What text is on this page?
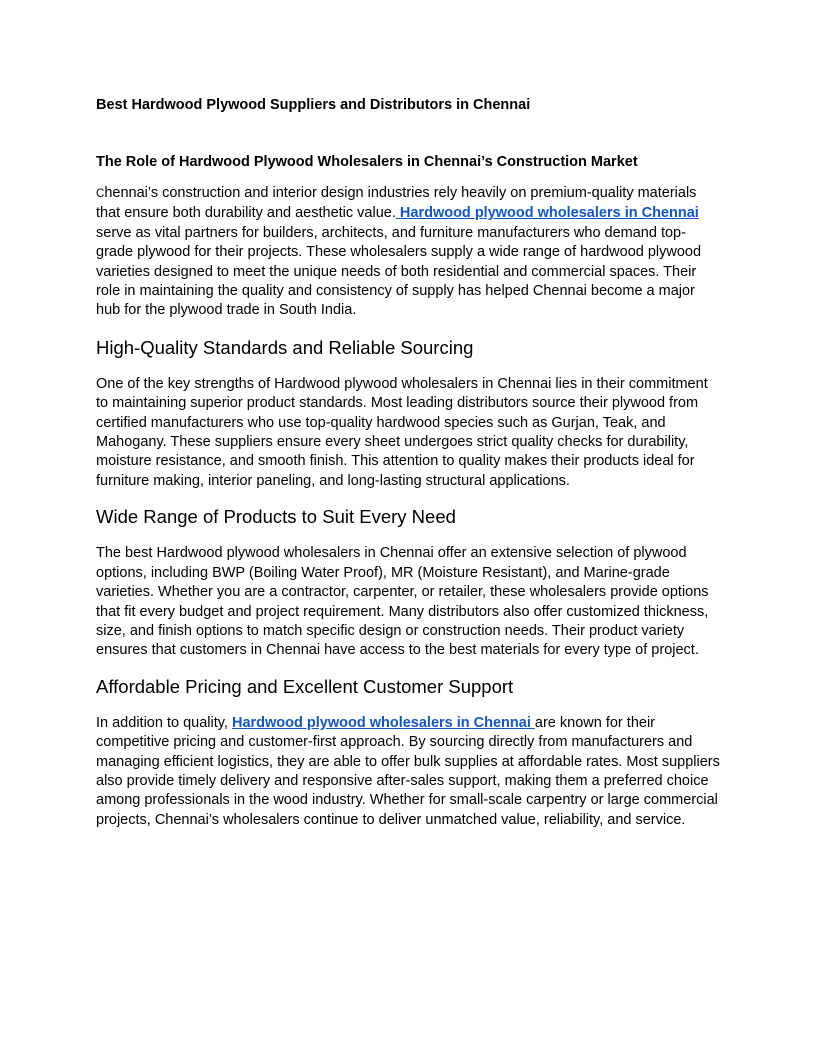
Best Hardwood Plywood Suppliers and Distributors in Chennai

The Role of Hardwood Plywood Wholesalers in Chennai’s Construction Market

Chennai’s construction and interior design industries rely heavily on premium-quality materials that ensure both durability and aesthetic value. Hardwood plywood wholesalers in Chennai serve as vital partners for builders, architects, and furniture manufacturers who demand top-grade plywood for their projects. These wholesalers supply a wide range of hardwood plywood varieties designed to meet the unique needs of both residential and commercial spaces. Their role in maintaining the quality and consistency of supply has helped Chennai become a major hub for the plywood trade in South India.

High-Quality Standards and Reliable Sourcing

One of the key strengths of Hardwood plywood wholesalers in Chennai lies in their commitment to maintaining superior product standards. Most leading distributors source their plywood from certified manufacturers who use top-quality hardwood species such as Gurjan, Teak, and Mahogany. These suppliers ensure every sheet undergoes strict quality checks for durability, moisture resistance, and smooth finish. This attention to quality makes their products ideal for furniture making, interior paneling, and long-lasting structural applications.

Wide Range of Products to Suit Every Need

The best Hardwood plywood wholesalers in Chennai offer an extensive selection of plywood options, including BWP (Boiling Water Proof), MR (Moisture Resistant), and Marine-grade varieties. Whether you are a contractor, carpenter, or retailer, these wholesalers provide options that fit every budget and project requirement. Many distributors also offer customized thickness, size, and finish options to match specific design or construction needs. Their product variety ensures that customers in Chennai have access to the best materials for every type of project.

Affordable Pricing and Excellent Customer Support

In addition to quality, Hardwood plywood wholesalers in Chennai are known for their competitive pricing and customer-first approach. By sourcing directly from manufacturers and managing efficient logistics, they are able to offer bulk supplies at affordable rates. Most suppliers also provide timely delivery and responsive after-sales support, making them a preferred choice among professionals in the wood industry. Whether for small-scale carpentry or large commercial projects, Chennai’s wholesalers continue to deliver unmatched value, reliability, and service.
